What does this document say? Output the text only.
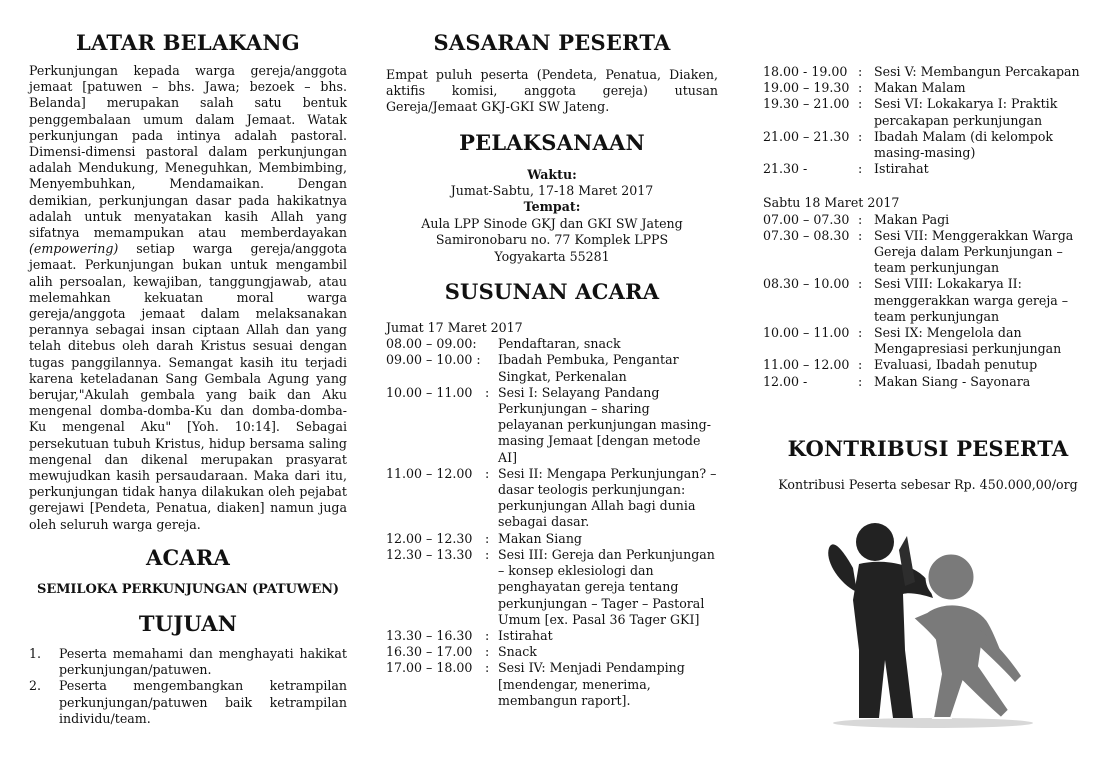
LATAR BELAKANG
Perkunjungan kepada warga gereja/anggota jemaat [patuwen – bhs. Jawa; bezoek – bhs. Belanda] merupakan salah satu bentuk penggembalaan umum dalam Jemaat. Watak perkunjungan pada intinya adalah pastoral. Dimensi-dimensi pastoral dalam perkunjungan adalah Mendukung, Meneguhkan, Membimbing, Menyembuhkan, Mendamaikan. Dengan demikian, perkunjungan dasar pada hakikatnya adalah untuk menyatakan kasih Allah yang sifatnya memampukan atau memberdayakan (empowering) setiap warga gereja/anggota jemaat. Perkunjungan bukan untuk mengambil alih persoalan, kewajiban, tanggungjawab, atau melemahkan kekuatan moral warga gereja/anggota jemaat dalam melaksanakan perannya sebagai insan ciptaan Allah dan yang telah ditebus oleh darah Kristus sesuai dengan tugas panggilannya. Semangat kasih itu terjadi karena keteladanan Sang Gembala Agung yang berujar,"Akulah gembala yang baik dan Aku mengenal domba-domba-Ku dan domba-domba-Ku mengenal Aku" [Yoh. 10:14]. Sebagai persekutuan tubuh Kristus, hidup bersama saling mengenal dan dikenal merupakan prasyarat mewujudkan kasih persaudaraan. Maka dari itu, perkunjungan tidak hanya dilakukan oleh pejabat gerejawi [Pendeta, Penatua, diaken] namun juga oleh seluruh warga gereja.
ACARA
SEMILOKA PERKUNJUNGAN (PATUWEN)
TUJUAN
1.	Peserta memahami dan menghayati hakikat perkunjungan/patuwen.
2.	Peserta mengembangkan ketrampilan perkunjungan/patuwen baik ketrampilan individu/team.
SASARAN PESERTA
Empat puluh peserta (Pendeta, Penatua, Diaken, aktifis komisi, anggota gereja) utusan Gereja/Jemaat GKJ-GKI SW Jateng.
PELAKSANAAN
Waktu:
Jumat-Sabtu, 17-18 Maret 2017
Tempat:
Aula LPP Sinode GKJ dan GKI SW Jateng
Samironobaru no. 77 Komplek LPPS
Yogyakarta 55281
SUSUNAN ACARA
Jumat 17 Maret 2017
08.00 – 09.00:	Pendaftaran, snack
09.00 – 10.00 :	Ibadah Pembuka, Pengantar Singkat, Perkenalan
10.00 – 11.00 : Sesi I: Selayang Pandang Perkunjungan – sharing pelayanan perkunjungan masing-masing Jemaat [dengan metode AI]
11.00 – 12.00 : Sesi II: Mengapa Perkunjungan? – dasar teologis perkunjungan: perkunjungan Allah bagi dunia sebagai dasar.
12.00 – 12.30 : Makan Siang
12.30 – 13.30 : Sesi III: Gereja dan Perkunjungan – konsep eklesiologi dan penghayatan gereja tentang perkunjungan – Tager – Pastoral Umum [ex. Pasal 36 Tager GKI]
13.30 – 16.30 : Istirahat
16.30 – 17.00 : Snack
17.00 – 18.00 : Sesi IV: Menjadi Pendamping [mendengar, menerima, membangun raport].
18.00 - 19.00 : Sesi V: Membangun Percakapan
19.00 – 19.30 : Makan Malam
19.30 – 21.00 : Sesi VI: Lokakarya I: Praktik percakapan perkunjungan
21.00 – 21.30 : Ibadah Malam (di kelompok masing-masing)
21.30 -	: Istirahat
Sabtu 18 Maret 2017
07.00 – 07.30 : Makan Pagi
07.30 – 08.30 : Sesi VII: Menggerakkan Warga Gereja dalam Perkunjungan – team perkunjungan
08.30 – 10.00 : Sesi VIII: Lokakarya II: menggerakkan warga gereja – team perkunjungan
10.00 – 11.00 : Sesi IX: Mengelola dan Mengapresiasi perkunjungan
11.00 – 12.00 : Evaluasi, Ibadah penutup
12.00 -	: Makan Siang - Sayonara
KONTRIBUSI PESERTA
Kontribusi Peserta sebesar Rp. 450.000,00/org
